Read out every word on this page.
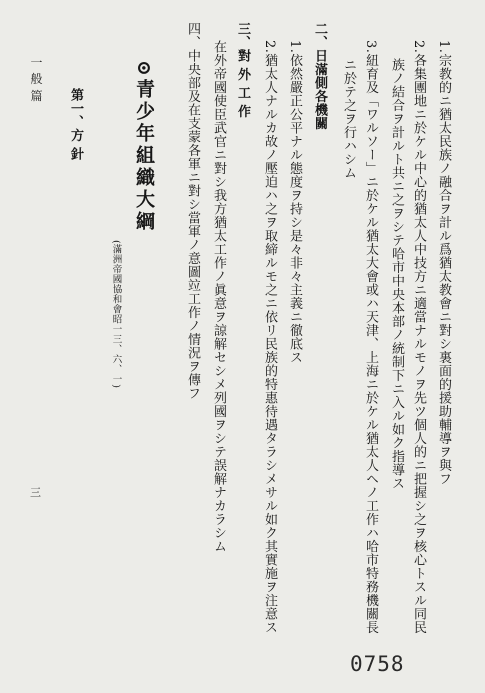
1.宗教的ニ猶太民族ノ融合ヲ計ル爲猶太教會ニ對シ裏面的援助輔導ヲ與フ
2.各集團地ニ於ケル中心的猶太人中技方ニ適當ナルモノヲ先ツ個人的ニ把握シ之ヲ核心トスル同民
族ノ結合ヲ計ルト共ニ之ヲシテ哈市中央本部ノ統制下ニ入ル如ク指導ス
3.紐育及「ワルソー」ニ於ケル猶太大會或ハ天津、上海ニ於ケル猶太人ヘノ工作ハ哈市特務機關長
ニ於テ之ヲ行ハシム
二、日滿側各機關
1.依然嚴正公平ナル態度ヲ持シ是々非々主義ニ徹底ス
2.猶太人ナルカ故ノ壓迫ハ之ヲ取締ルモ之ニ依リ民族的特惠待遇タラシメサル如ク其實施ヲ注意ス
三、對 外 工 作
在外帝國使臣武官ニ對シ我方猶太工作ノ眞意ヲ諒解セシメ列國ヲシテ誤解ナカラシム
四、中央部及在支蒙各軍ニ對シ當軍ノ意圖竝工作ノ情況ヲ傳フ
⊙青少年組織大綱
(滿洲帝國協和會昭一三、六、一)
第一、方 針
一 般 篇
三
0758
